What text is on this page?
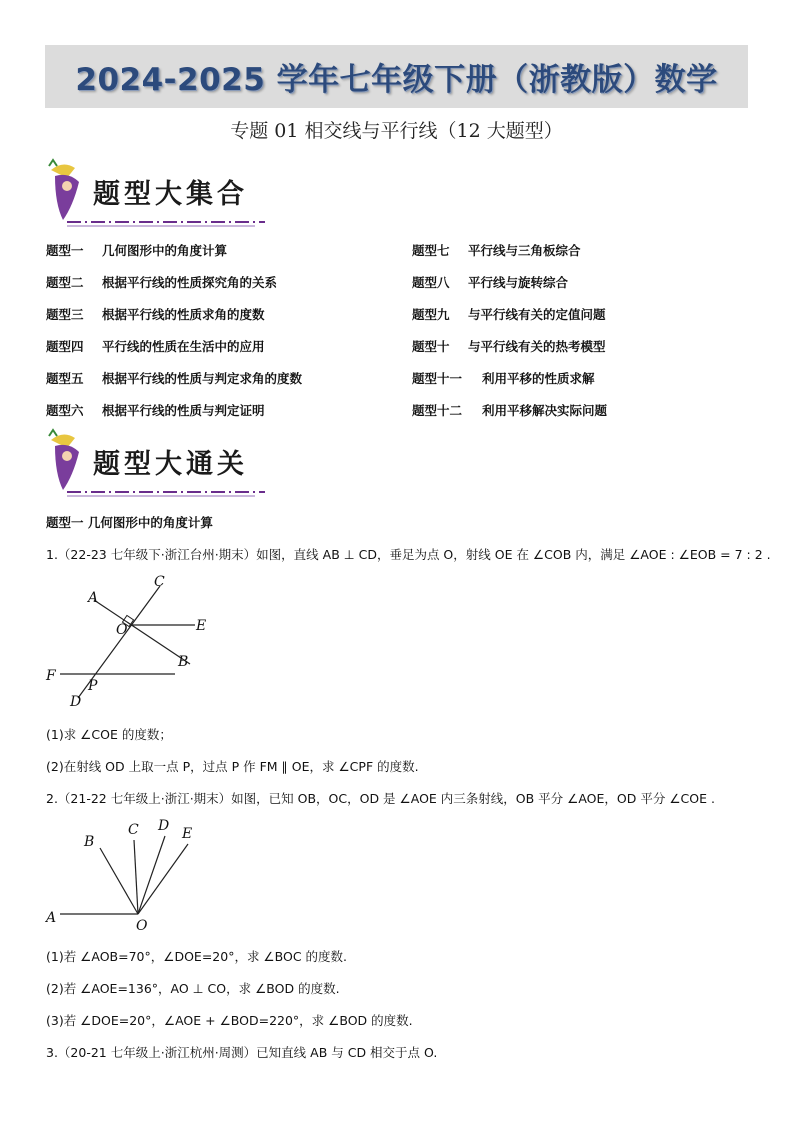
2024-2025 学年七年级下册（浙教版）数学
专题 01 相交线与平行线（12 大题型）
题型大集合
题型一 几何图形中的角度计算
题型二 根据平行线的性质探究角的关系
题型三 根据平行线的性质求角的度数
题型四 平行线的性质在生活中的应用
题型五 根据平行线的性质与判定求角的度数
题型六 根据平行线的性质与判定证明
题型七 平行线与三角板综合
题型八 平行线与旋转综合
题型九 与平行线有关的定值问题
题型十 与平行线有关的热考模型
题型十一 利用平移的性质求解
题型十二 利用平移解决实际问题
题型大通关
题型一 几何图形中的角度计算
1.（22-23 七年级下·浙江台州·期末）如图，直线 AB ⊥ CD，垂足为点 O，射线 OE 在 ∠COB 内，满足 ∠AOE : ∠EOB = 7 : 2 .
A
C
O	E
B
F
P
D
(1)求 ∠COE 的度数；
(2)在射线 OD 上取一点 P，过点 P 作 FM ∥ OE，求 ∠CPF 的度数.
2.（21-22 七年级上·浙江·期末）如图，已知 OB，OC，OD 是 ∠AOE 内三条射线，OB 平分 ∠AOE，OD 平分 ∠COE .
A
B
C D E
O
(1)若 ∠AOB=70°，∠DOE=20°，求 ∠BOC 的度数.
(2)若 ∠AOE=136°，AO ⊥ CO，求 ∠BOD 的度数.
(3)若 ∠DOE=20°，∠AOE + ∠BOD=220°，求 ∠BOD 的度数.
3.（20-21 七年级上·浙江杭州·周测）已知直线 AB 与 CD 相交于点 O.
